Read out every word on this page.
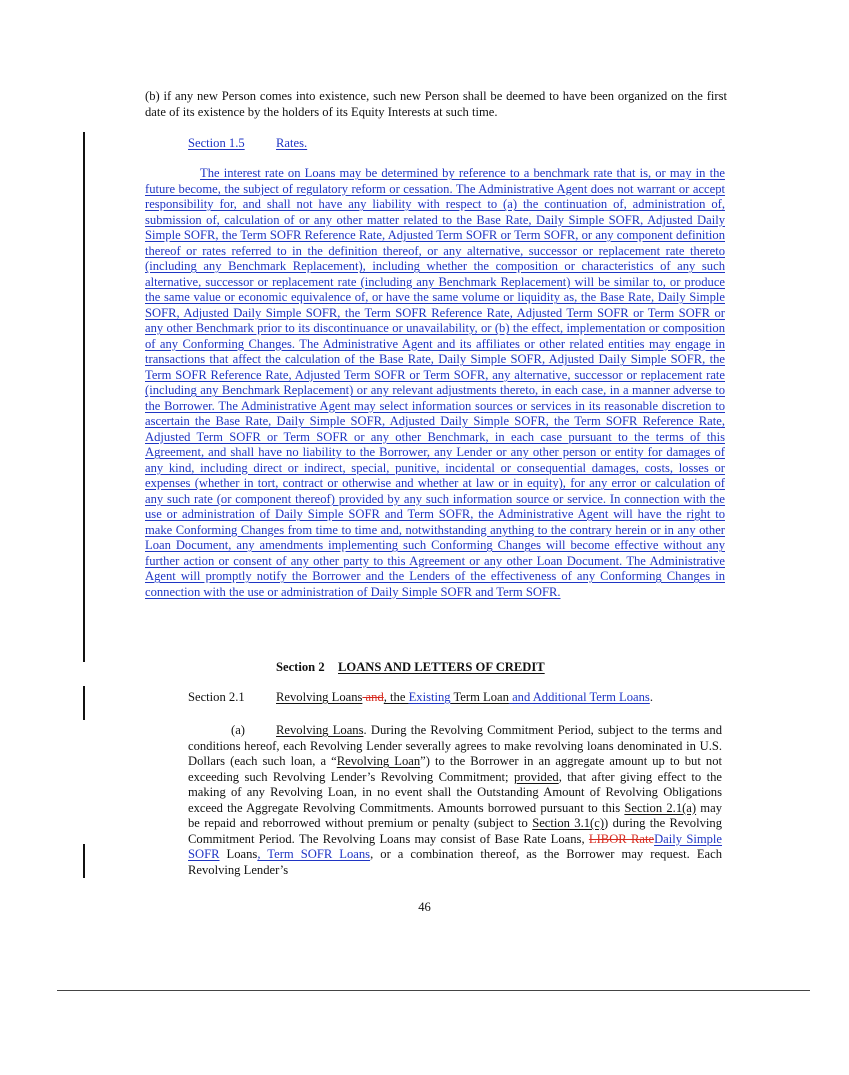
(b) if any new Person comes into existence, such new Person shall be deemed to have been organized on the first date of its existence by the holders of its Equity Interests at such time.
Section 1.5 Rates.
The interest rate on Loans may be determined by reference to a benchmark rate that is, or may in the future become, the subject of regulatory reform or cessation. The Administrative Agent does not warrant or accept responsibility for, and shall not have any liability with respect to (a) the continuation of, administration of, submission of, calculation of or any other matter related to the Base Rate, Daily Simple SOFR, Adjusted Daily Simple SOFR, the Term SOFR Reference Rate, Adjusted Term SOFR or Term SOFR, or any component definition thereof or rates referred to in the definition thereof, or any alternative, successor or replacement rate thereto (including any Benchmark Replacement), including whether the composition or characteristics of any such alternative, successor or replacement rate (including any Benchmark Replacement) will be similar to, or produce the same value or economic equivalence of, or have the same volume or liquidity as, the Base Rate, Daily Simple SOFR, Adjusted Daily Simple SOFR, the Term SOFR Reference Rate, Adjusted Term SOFR or Term SOFR or any other Benchmark prior to its discontinuance or unavailability, or (b) the effect, implementation or composition of any Conforming Changes. The Administrative Agent and its affiliates or other related entities may engage in transactions that affect the calculation of the Base Rate, Daily Simple SOFR, Adjusted Daily Simple SOFR, the Term SOFR Reference Rate, Adjusted Term SOFR or Term SOFR, any alternative, successor or replacement rate (including any Benchmark Replacement) or any relevant adjustments thereto, in each case, in a manner adverse to the Borrower. The Administrative Agent may select information sources or services in its reasonable discretion to ascertain the Base Rate, Daily Simple SOFR, Adjusted Daily Simple SOFR, the Term SOFR Reference Rate, Adjusted Term SOFR or Term SOFR or any other Benchmark, in each case pursuant to the terms of this Agreement, and shall have no liability to the Borrower, any Lender or any other person or entity for damages of any kind, including direct or indirect, special, punitive, incidental or consequential damages, costs, losses or expenses (whether in tort, contract or otherwise and whether at law or in equity), for any error or calculation of any such rate (or component thereof) provided by any such information source or service. In connection with the use or administration of Daily Simple SOFR and Term SOFR, the Administrative Agent will have the right to make Conforming Changes from time to time and, notwithstanding anything to the contrary herein or in any other Loan Document, any amendments implementing such Conforming Changes will become effective without any further action or consent of any other party to this Agreement or any other Loan Document. The Administrative Agent will promptly notify the Borrower and the Lenders of the effectiveness of any Conforming Changes in connection with the use or administration of Daily Simple SOFR and Term SOFR.
Section 2 LOANS AND LETTERS OF CREDIT
Section 2.1 Revolving Loans and, the Existing Term Loan and Additional Term Loans.
(a) Revolving Loans. During the Revolving Commitment Period, subject to the terms and conditions hereof, each Revolving Lender severally agrees to make revolving loans denominated in U.S. Dollars (each such loan, a “Revolving Loan”) to the Borrower in an aggregate amount up to but not exceeding such Revolving Lender’s Revolving Commitment; provided, that after giving effect to the making of any Revolving Loan, in no event shall the Outstanding Amount of Revolving Obligations exceed the Aggregate Revolving Commitments. Amounts borrowed pursuant to this Section 2.1(a) may be repaid and reborrowed without premium or penalty (subject to Section 3.1(c)) during the Revolving Commitment Period. The Revolving Loans may consist of Base Rate Loans, LIBOR RateDaily Simple SOFR Loans, Term SOFR Loans, or a combination thereof, as the Borrower may request. Each Revolving Lender’s
46
